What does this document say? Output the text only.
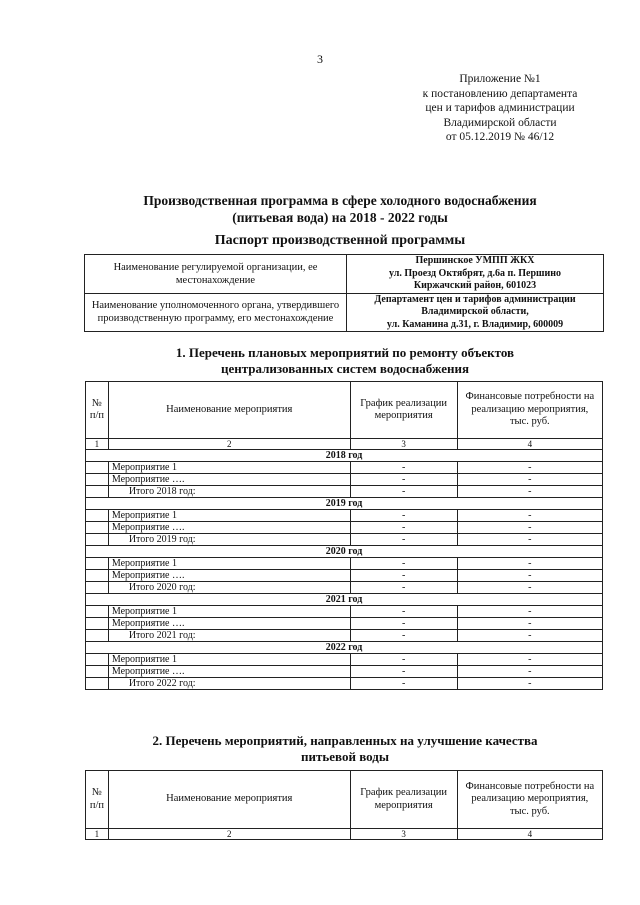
3
Приложение №1
к постановлению департамента
цен и тарифов администрации
Владимирской области
от 05.12.2019 № 46/12
Производственная программа в сфере холодного водоснабжения
(питьевая вода) на 2018 - 2022 годы
Паспорт производственной программы
Наименование регулируемой организации, ее местонахождение	Першинское УМПП ЖКХ
ул. Проезд Октябрят, д.6а п. Першино
Киржачский район, 601023

Наименование уполномоченного органа, утвердившего производственную программу, его местонахождение	Департамент цен и тарифов администрации
Владимирской области,
ул. Каманина д.31, г. Владимир, 600009
1. Перечень плановых мероприятий по ремонту объектов
централизованных систем водоснабжения
№ п/п	Наименование мероприятия	График реализации мероприятия	Финансовые потребности на реализацию мероприятия, тыс. руб.
1	2	3	4
2018 год			
	Мероприятие 1	-	-
	Мероприятие ….	-	-
	Итого 2018 год:	-	-
2019 год			
	Мероприятие 1	-	-
	Мероприятие ….	-	-
	Итого 2019 год:	-	-
2020 год			
	Мероприятие 1	-	-
	Мероприятие ….	-	-
	Итого 2020 год:	-	-
2021 год			
	Мероприятие 1	-	-
	Мероприятие ….	-	-
	Итого 2021 год:	-	-
2022 год			
	Мероприятие 1	-	-
	Мероприятие ….	-	-
	Итого 2022 год:	-	-
2. Перечень мероприятий, направленных на улучшение качества
питьевой воды
№ п/п	Наименование мероприятия	График реализации мероприятия	Финансовые потребности на реализацию мероприятия, тыс. руб.
1	2	3	4
